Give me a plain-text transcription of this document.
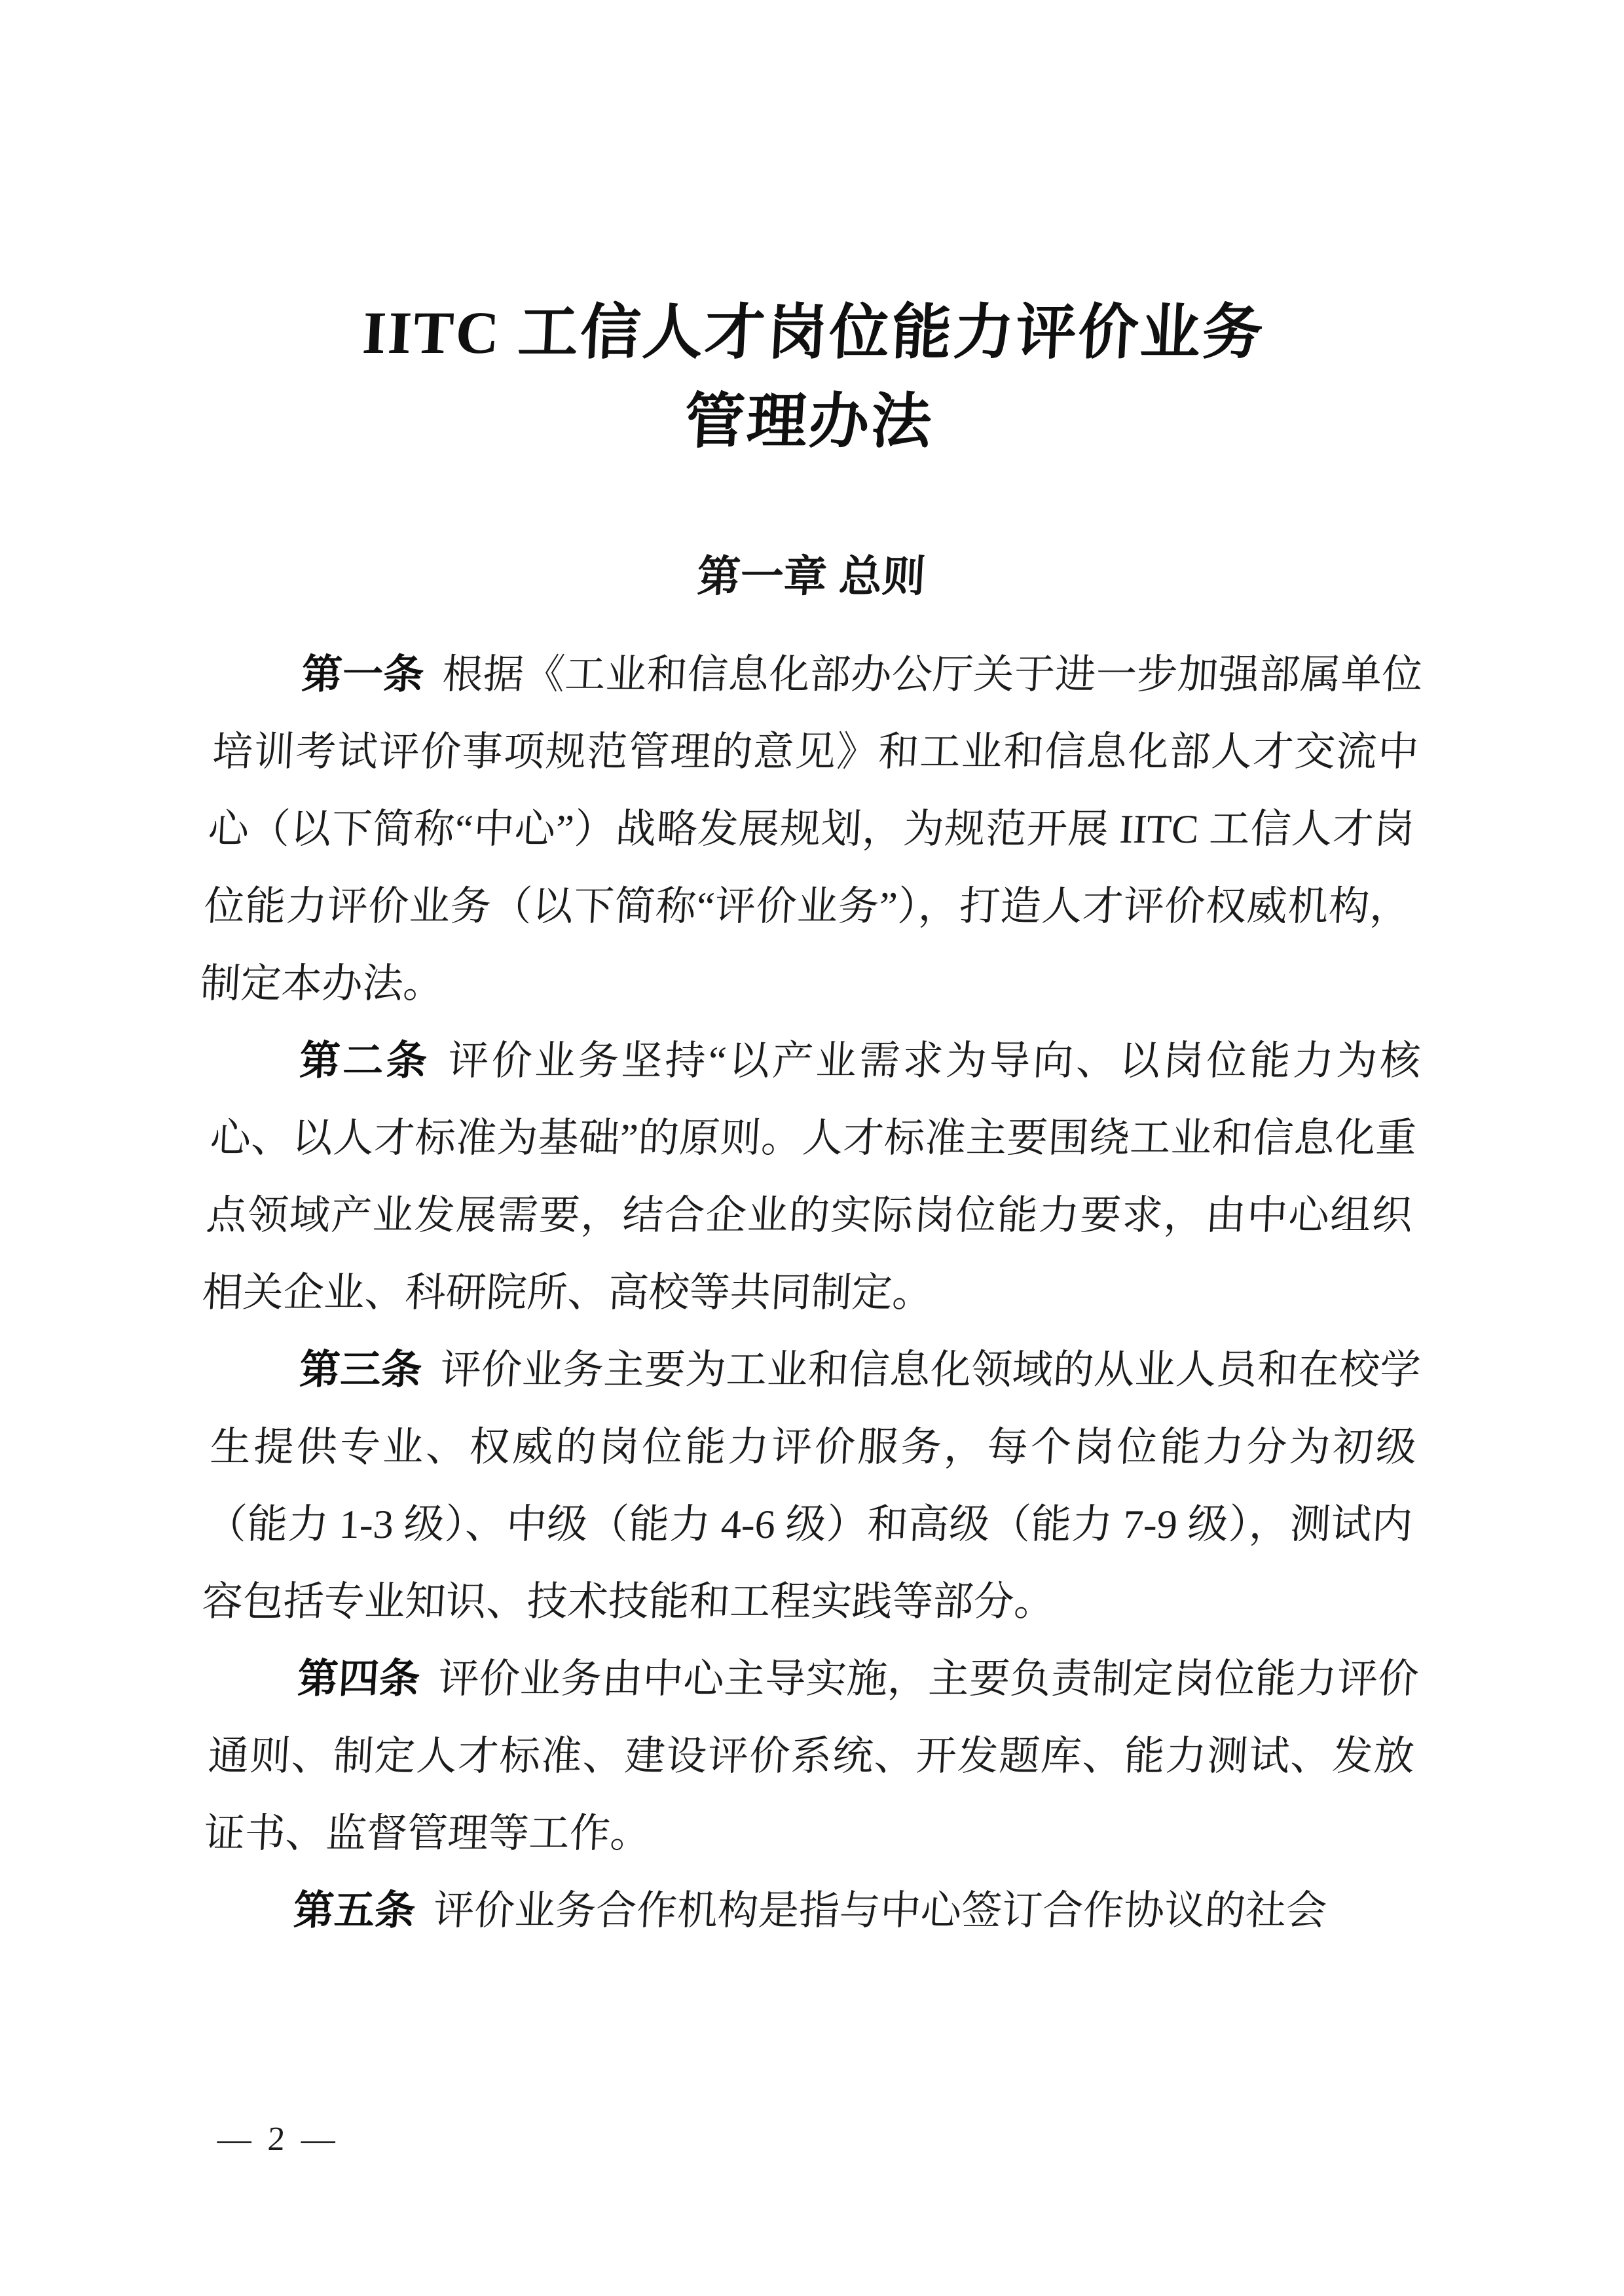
IITC 工信人才岗位能力评价业务
管理办法
第一章 总则

第一条 根据《工业和信息化部办公厅关于进一步加强部属单位培训考试评价事项规范管理的意见》和工业和信息化部人才交流中心（以下简称“中心”）战略发展规划，为规范开展 IITC 工信人才岗位能力评价业务（以下简称“评价业务”），打造人才评价权威机构，制定本办法。

第二条 评价业务坚持“以产业需求为导向、以岗位能力为核心、以人才标准为基础”的原则。人才标准主要围绕工业和信息化重点领域产业发展需要，结合企业的实际岗位能力要求，由中心组织相关企业、科研院所、高校等共同制定。

第三条 评价业务主要为工业和信息化领域的从业人员和在校学生提供专业、权威的岗位能力评价服务，每个岗位能力分为初级（能力 1-3 级）、中级（能力 4-6 级）和高级（能力 7-9 级），测试内容包括专业知识、技术技能和工程实践等部分。

第四条 评价业务由中心主导实施，主要负责制定岗位能力评价通则、制定人才标准、建设评价系统、开发题库、能力测试、发放证书、监督管理等工作。

第五条 评价业务合作机构是指与中心签订合作协议的社会

— 2 —
